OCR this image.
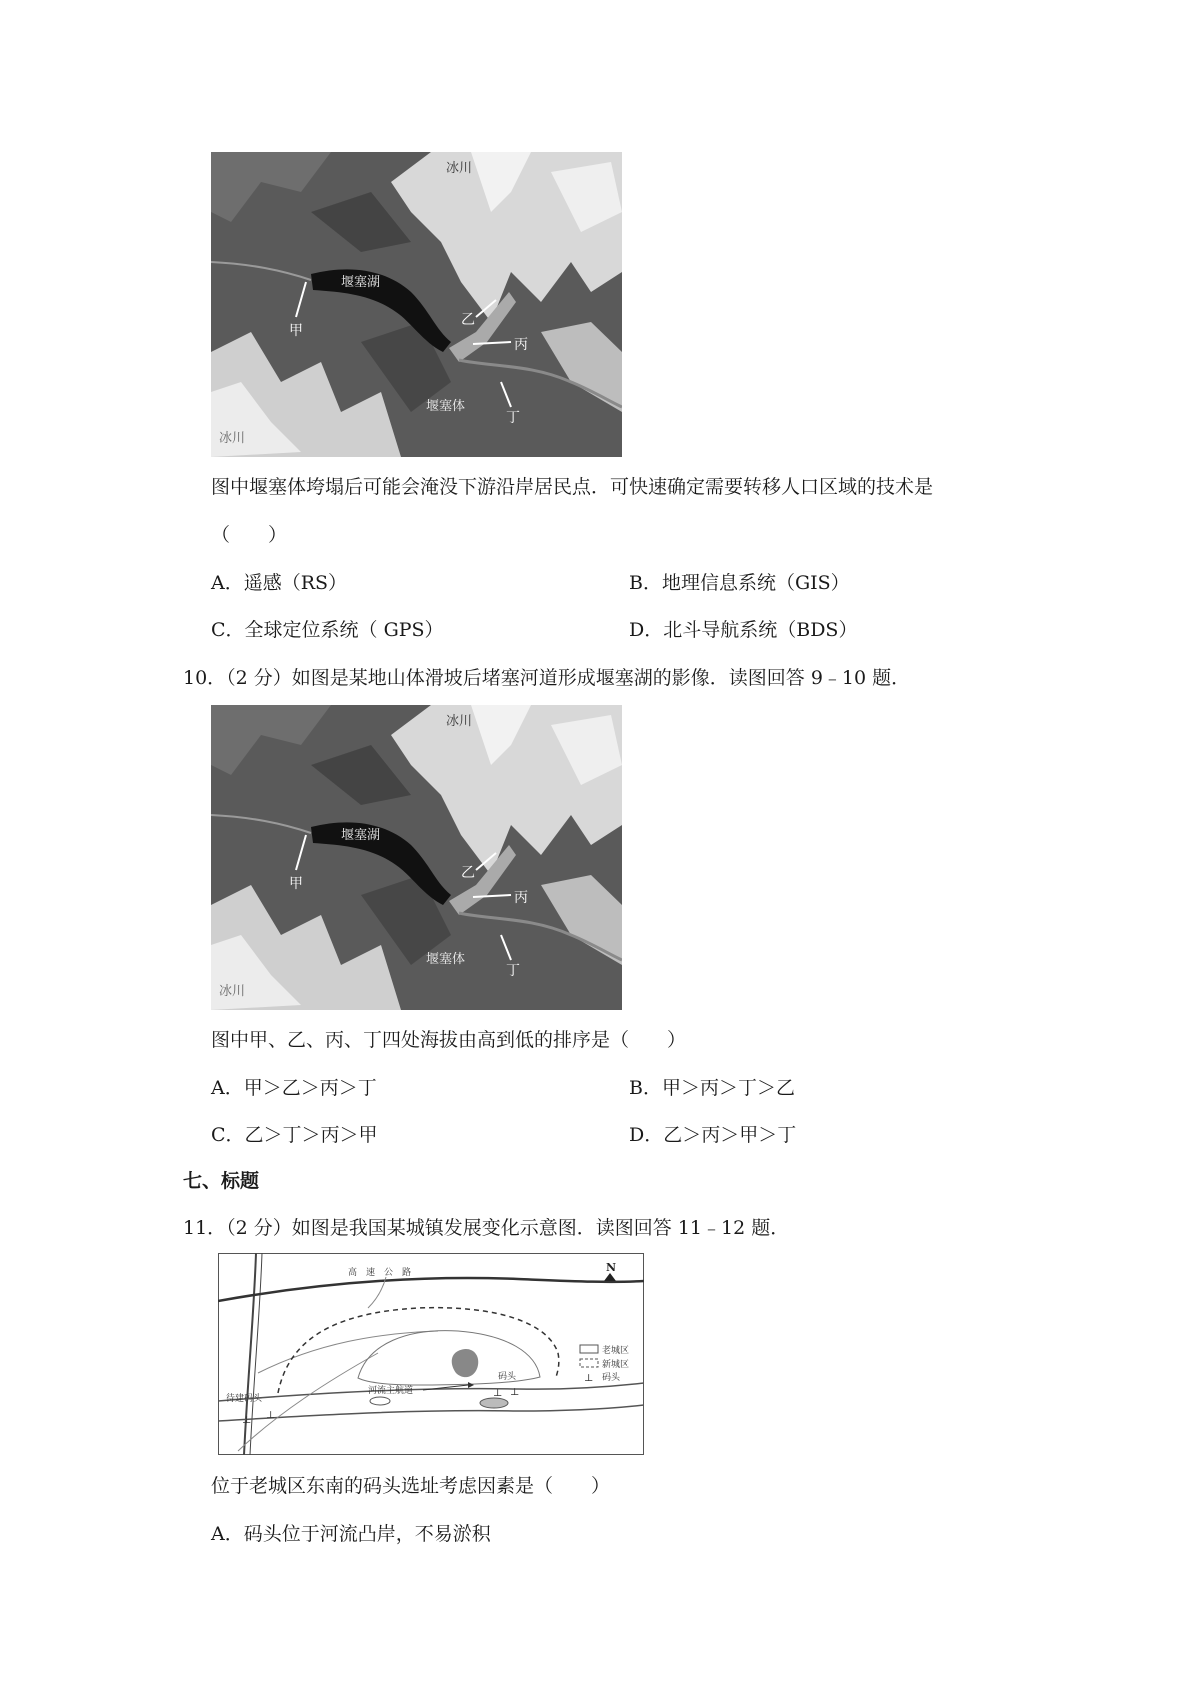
冰川
堰塞湖
甲
乙
丙
丁
堰塞体
冰川
图中堰塞体垮塌后可能会淹没下游沿岸居民点．可快速确定需要转移人口区域的技术是
（　　）
A．遥感（RS）	B．地理信息系统（GIS）
C．全球定位系统（ GPS）	D．北斗导航系统（BDS）
10．（2 分）如图是某地山体滑坡后堵塞河道形成堰塞湖的影像．读图回答 9﹣10 题．
冰川
堰塞湖
甲
乙
丙
丁
堰塞体
冰川
图中甲、乙、丙、丁四处海拔由高到低的排序是（　　）
A．甲＞乙＞丙＞丁	B．甲＞丙＞丁＞乙
C．乙＞丁＞丙＞甲	D．乙＞丙＞甲＞丁
七、标题
11．（2 分）如图是我国某城镇发展变化示意图．读图回答 11﹣12 题．
高　速　公　路	N
河流主航道
码头
⊥
⊥
待建码头
⊥ ⊥
老城区
新城区
⊥ 码头
位于老城区东南的码头选址考虑因素是（　　）
A．码头位于河流凸岸，不易淤积
